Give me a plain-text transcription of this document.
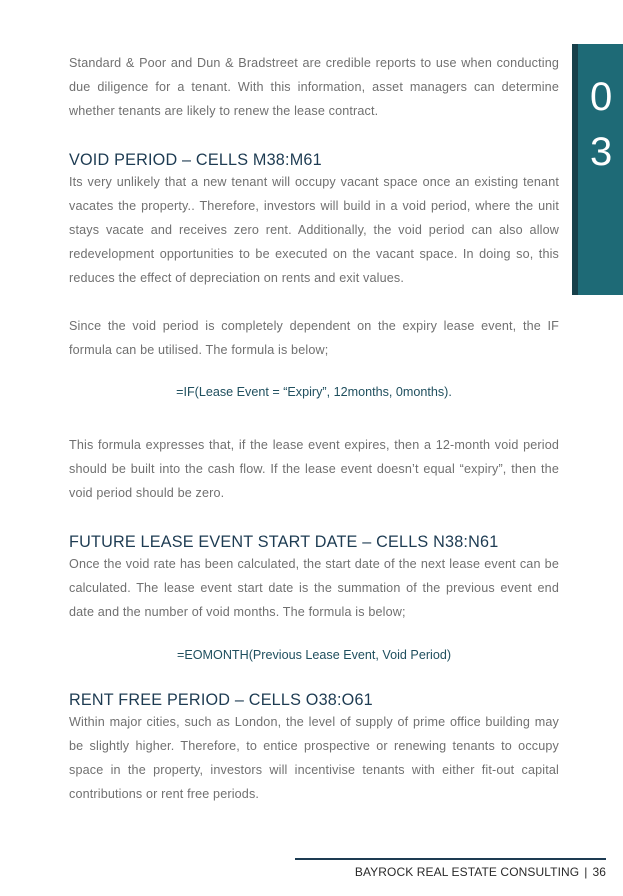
0
3

Standard & Poor and Dun & Bradstreet are credible reports to use when conducting due diligence for a tenant. With this information, asset managers can determine whether tenants are likely to renew the lease contract.

VOID PERIOD – CELLS M38:M61

Its very unlikely that a new tenant will occupy vacant space once an existing tenant vacates the property.. Therefore, investors will build in a void period, where the unit stays vacate and receives zero rent. Additionally, the void period can also allow redevelopment opportunities to be executed on the vacant space. In doing so, this reduces the effect of depreciation on rents and exit values.

Since the void period is completely dependent on the expiry lease event, the IF formula can be utilised. The formula is below;

=IF(Lease Event = “Expiry”, 12months, 0months).

This formula expresses that, if the lease event expires, then a 12-month void period should be built into the cash flow. If the lease event doesn’t equal “expiry”, then the void period should be zero.

FUTURE LEASE EVENT START DATE – CELLS N38:N61

Once the void rate has been calculated, the start date of the next lease event can be calculated. The lease event start date is the summation of the previous event end date and the number of void months. The formula is below;

=EOMONTH(Previous Lease Event, Void Period)

RENT FREE PERIOD – CELLS O38:O61

Within major cities, such as London, the level of supply of prime office building may be slightly higher. Therefore, to entice prospective or renewing tenants to occupy space in the property, investors will incentivise tenants with either fit-out capital contributions or rent free periods.

BAYROCK REAL ESTATE CONSULTING | 36
